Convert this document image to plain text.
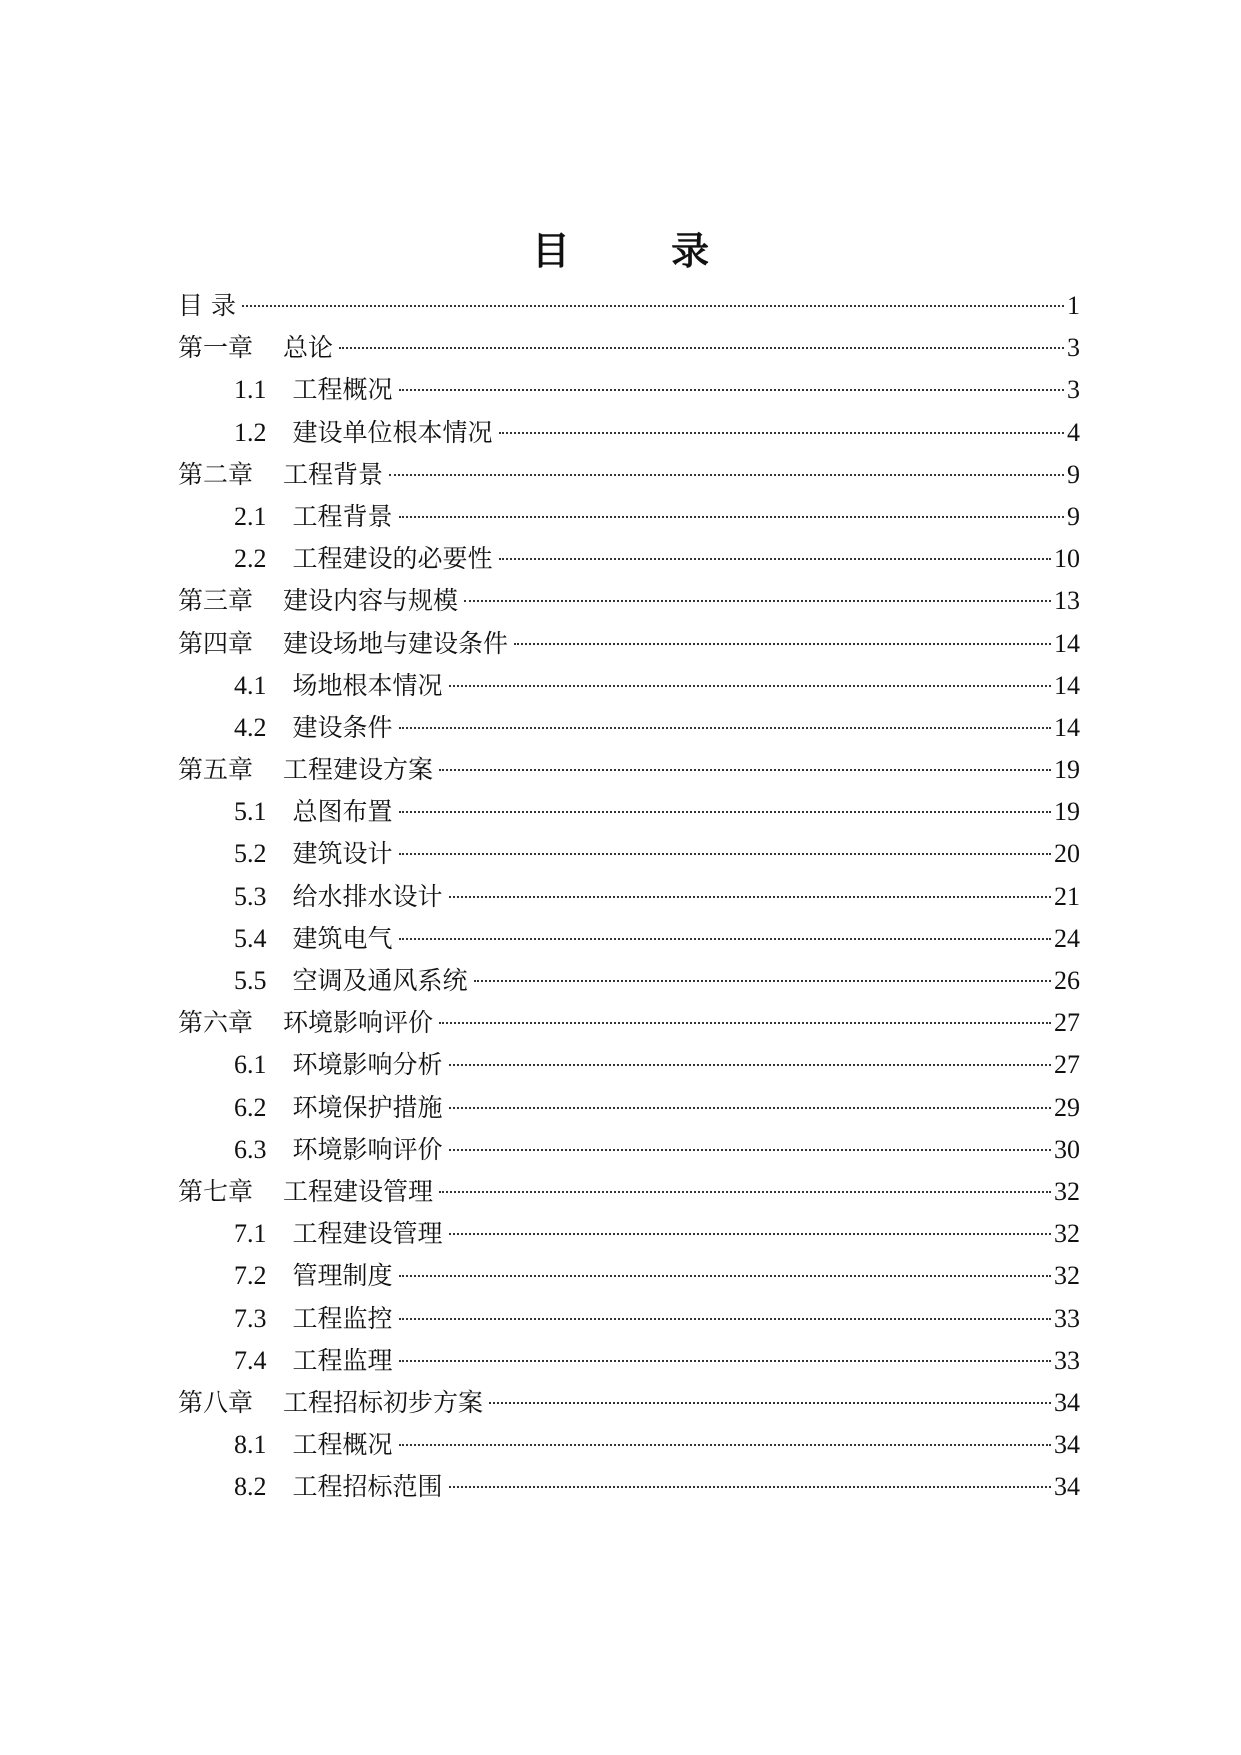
目 录
目 录	1
第一章 总论	3
1.1 工程概况	3
1.2 建设单位根本情况	4
第二章 工程背景	9
2.1 工程背景	9
2.2 工程建设的必要性	10
第三章 建设内容与规模	13
第四章 建设场地与建设条件	14
4.1 场地根本情况	14
4.2 建设条件	14
第五章 工程建设方案	19
5.1 总图布置	19
5.2 建筑设计	20
5.3 给水排水设计	21
5.4 建筑电气	24
5.5 空调及通风系统	26
第六章 环境影响评价	27
6.1 环境影响分析	27
6.2 环境保护措施	29
6.3 环境影响评价	30
第七章 工程建设管理	32
7.1 工程建设管理	32
7.2 管理制度	32
7.3 工程监控	33
7.4 工程监理	33
第八章 工程招标初步方案	34
8.1 工程概况	34
8.2 工程招标范围	34
